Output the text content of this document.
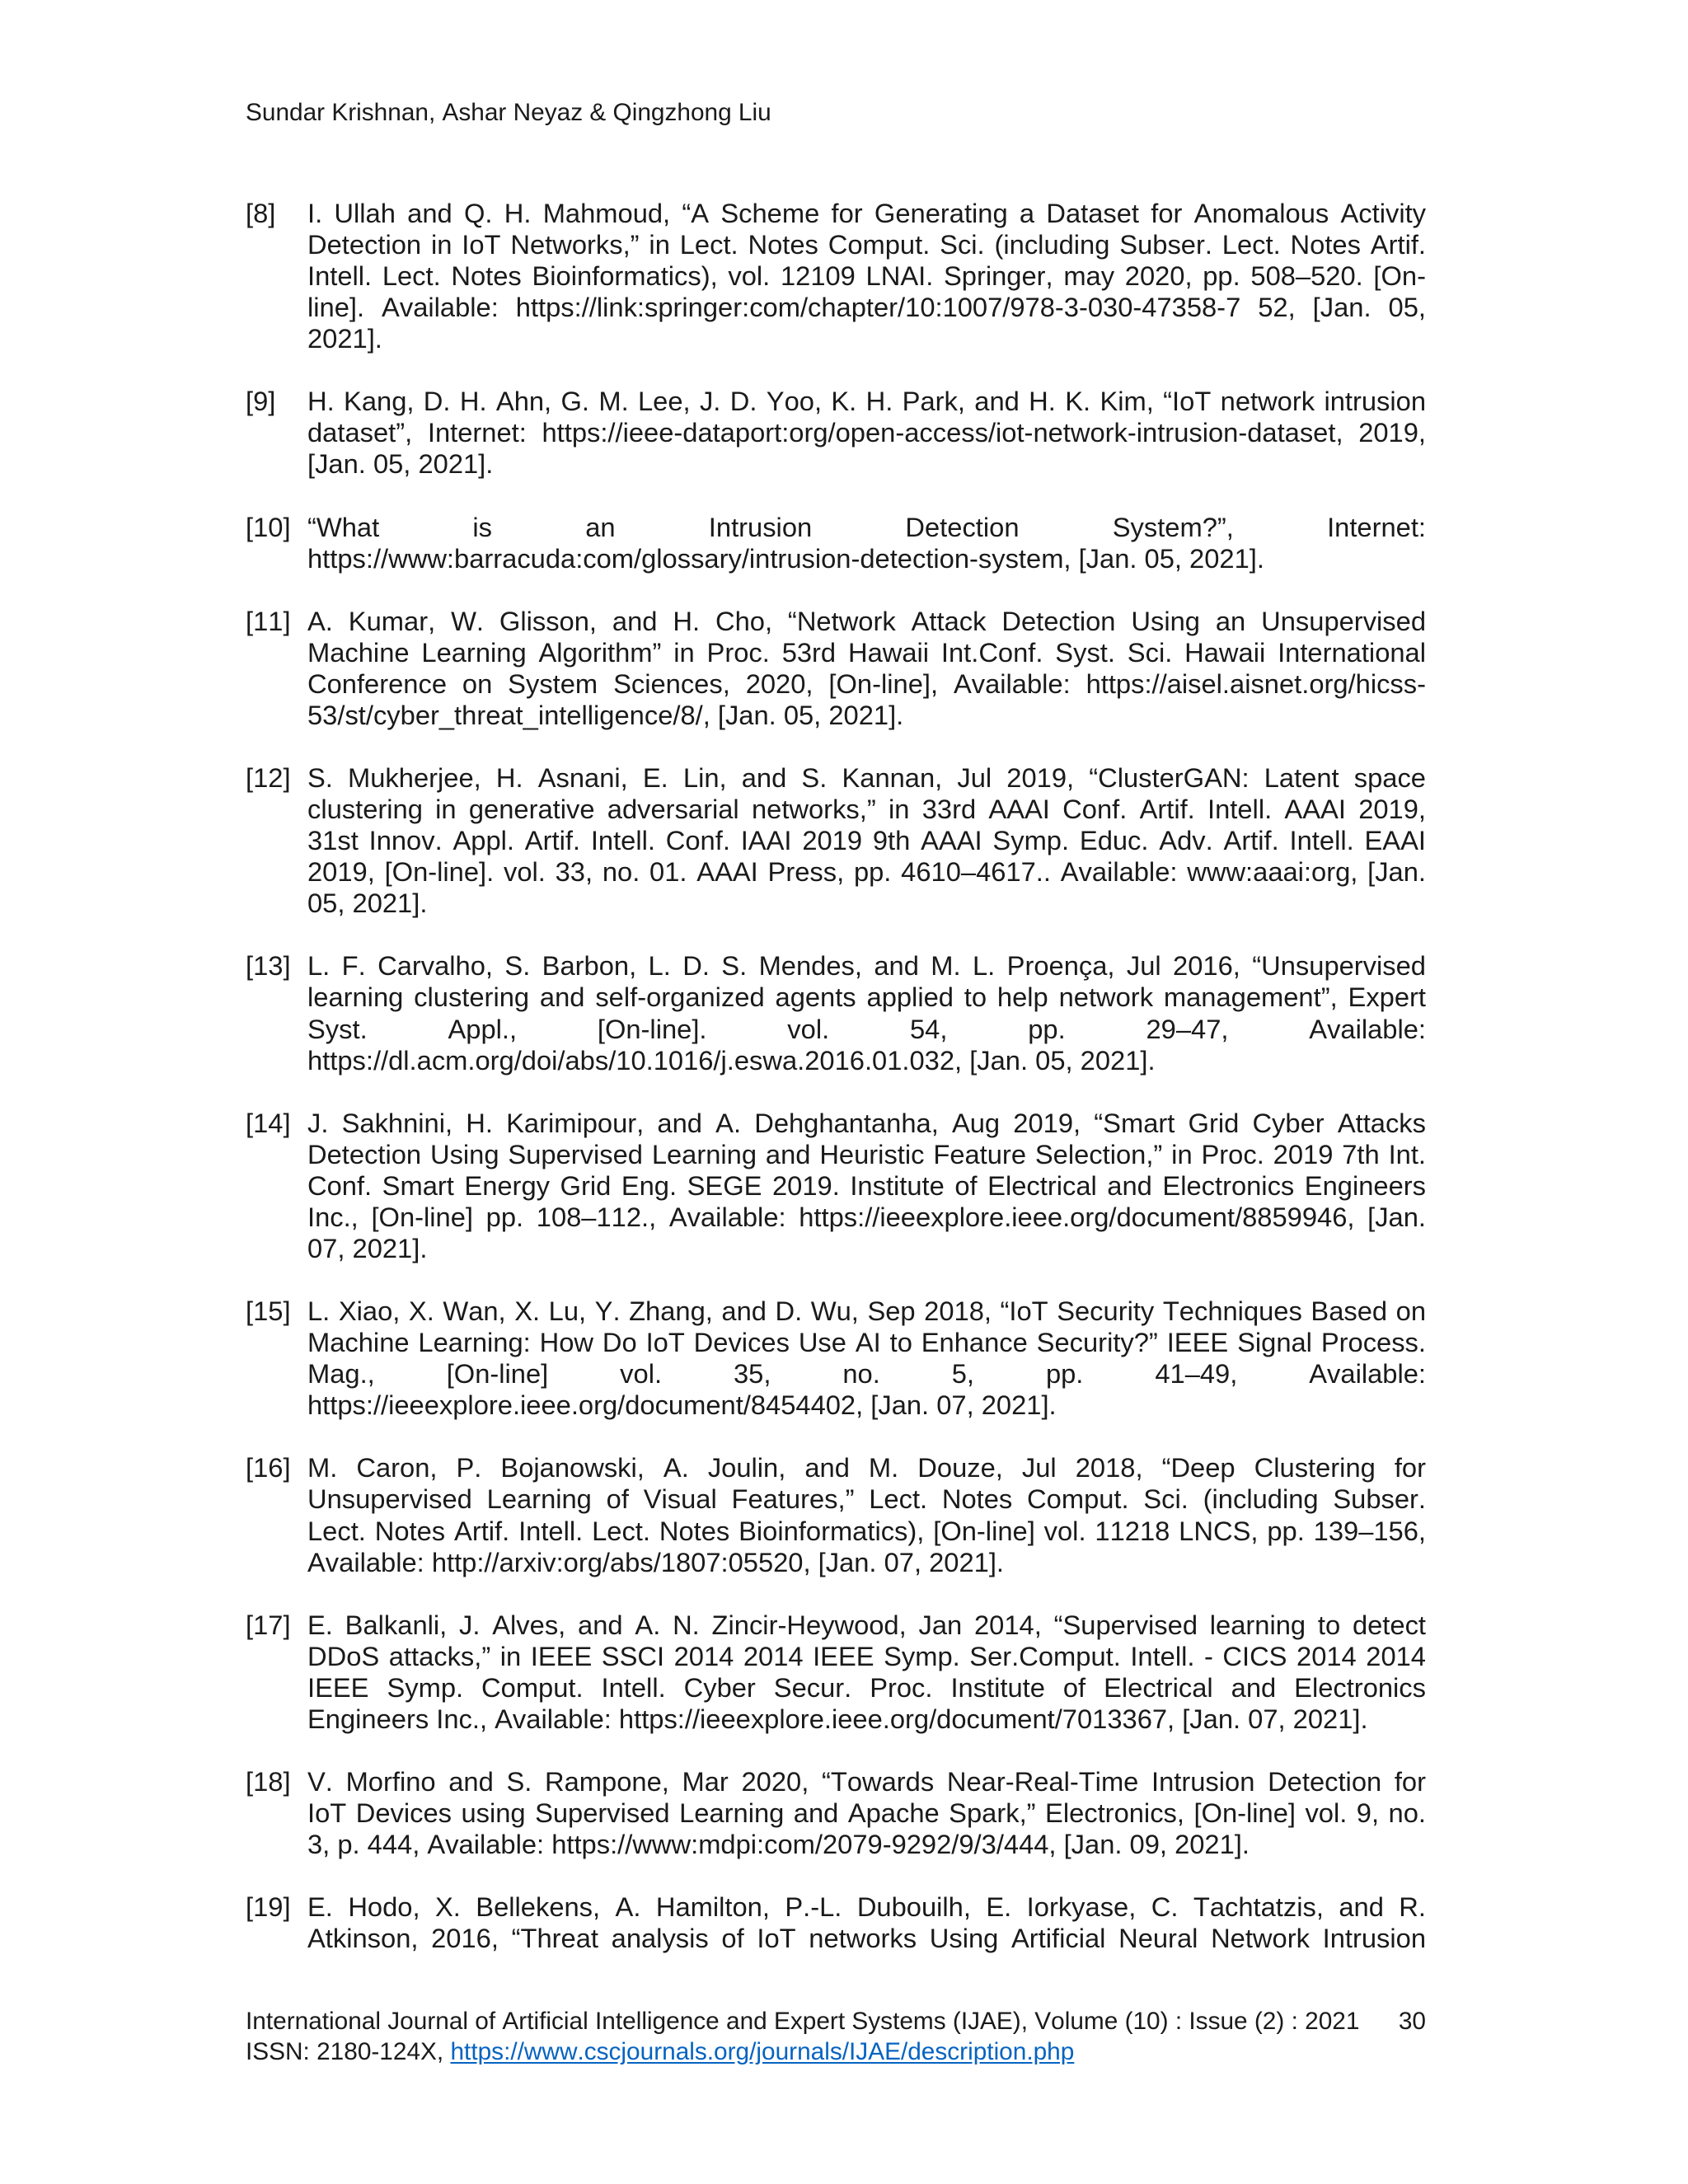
Sundar Krishnan, Ashar Neyaz & Qingzhong Liu
[8]	I. Ullah and Q. H. Mahmoud, “A Scheme for Generating a Dataset for Anomalous Activity
Detection in IoT Networks,” in Lect. Notes Comput. Sci. (including Subser. Lect. Notes Artif.
Intell. Lect. Notes Bioinformatics), vol. 12109 LNAI. Springer, may 2020, pp. 508–520. [On-
line]. Available: https://link:springer:com/chapter/10:1007/978-3-030-47358-7 52, [Jan. 05,
2021].
[9]	H. Kang, D. H. Ahn, G. M. Lee, J. D. Yoo, K. H. Park, and H. K. Kim, “IoT network intrusion
dataset”, Internet: https://ieee-dataport:org/open-access/iot-network-intrusion-dataset, 2019,
[Jan. 05, 2021].
[10] “What is an Intrusion Detection System?”, Internet:
https://www:barracuda:com/glossary/intrusion-detection-system, [Jan. 05, 2021].
[11] A. Kumar, W. Glisson, and H. Cho, “Network Attack Detection Using an Unsupervised
Machine Learning Algorithm” in Proc. 53rd Hawaii Int.Conf. Syst. Sci. Hawaii International
Conference on System Sciences, 2020, [On-line], Available: https://aisel.aisnet.org/hicss-
53/st/cyber_threat_intelligence/8/, [Jan. 05, 2021].
[12] S. Mukherjee, H. Asnani, E. Lin, and S. Kannan, Jul 2019, “ClusterGAN: Latent space
clustering in generative adversarial networks,” in 33rd AAAI Conf. Artif. Intell. AAAI 2019,
31st Innov. Appl. Artif. Intell. Conf. IAAI 2019 9th AAAI Symp. Educ. Adv. Artif. Intell. EAAI
2019, [On-line]. vol. 33, no. 01. AAAI Press, pp. 4610–4617.. Available: www:aaai:org, [Jan.
05, 2021].
[13] L. F. Carvalho, S. Barbon, L. D. S. Mendes, and M. L. Proença, Jul 2016, “Unsupervised
learning clustering and self-organized agents applied to help network management”, Expert
Syst. Appl., [On-line]. vol. 54, pp. 29–47, Available:
https://dl.acm.org/doi/abs/10.1016/j.eswa.2016.01.032, [Jan. 05, 2021].
[14] J. Sakhnini, H. Karimipour, and A. Dehghantanha, Aug 2019, “Smart Grid Cyber Attacks
Detection Using Supervised Learning and Heuristic Feature Selection,” in Proc. 2019 7th Int.
Conf. Smart Energy Grid Eng. SEGE 2019. Institute of Electrical and Electronics Engineers
Inc., [On-line] pp. 108–112., Available: https://ieeexplore.ieee.org/document/8859946, [Jan.
07, 2021].
[15] L. Xiao, X. Wan, X. Lu, Y. Zhang, and D. Wu, Sep 2018, “IoT Security Techniques Based on
Machine Learning: How Do IoT Devices Use AI to Enhance Security?” IEEE Signal Process.
Mag., [On-line] vol. 35, no. 5, pp. 41–49, Available:
https://ieeexplore.ieee.org/document/8454402, [Jan. 07, 2021].
[16] M. Caron, P. Bojanowski, A. Joulin, and M. Douze, Jul 2018, “Deep Clustering for
Unsupervised Learning of Visual Features,” Lect. Notes Comput. Sci. (including Subser.
Lect. Notes Artif. Intell. Lect. Notes Bioinformatics), [On-line] vol. 11218 LNCS, pp. 139–156,
Available: http://arxiv:org/abs/1807:05520, [Jan. 07, 2021].
[17] E. Balkanli, J. Alves, and A. N. Zincir-Heywood, Jan 2014, “Supervised learning to detect
DDoS attacks,” in IEEE SSCI 2014 2014 IEEE Symp. Ser.Comput. Intell. - CICS 2014 2014
IEEE Symp. Comput. Intell. Cyber Secur. Proc. Institute of Electrical and Electronics
Engineers Inc., Available: https://ieeexplore.ieee.org/document/7013367, [Jan. 07, 2021].
[18] V. Morfino and S. Rampone, Mar 2020, “Towards Near-Real-Time Intrusion Detection for
IoT Devices using Supervised Learning and Apache Spark,” Electronics, [On-line] vol. 9, no.
3, p. 444, Available: https://www:mdpi:com/2079-9292/9/3/444, [Jan. 09, 2021].
[19] E. Hodo, X. Bellekens, A. Hamilton, P.-L. Dubouilh, E. Iorkyase, C. Tachtatzis, and R.
Atkinson, 2016, “Threat analysis of IoT networks Using Artificial Neural Network Intrusion
International Journal of Artificial Intelligence and Expert Systems (IJAE), Volume (10) : Issue (2) : 2021 30
ISSN: 2180-124X, https://www.cscjournals.org/journals/IJAE/description.php
